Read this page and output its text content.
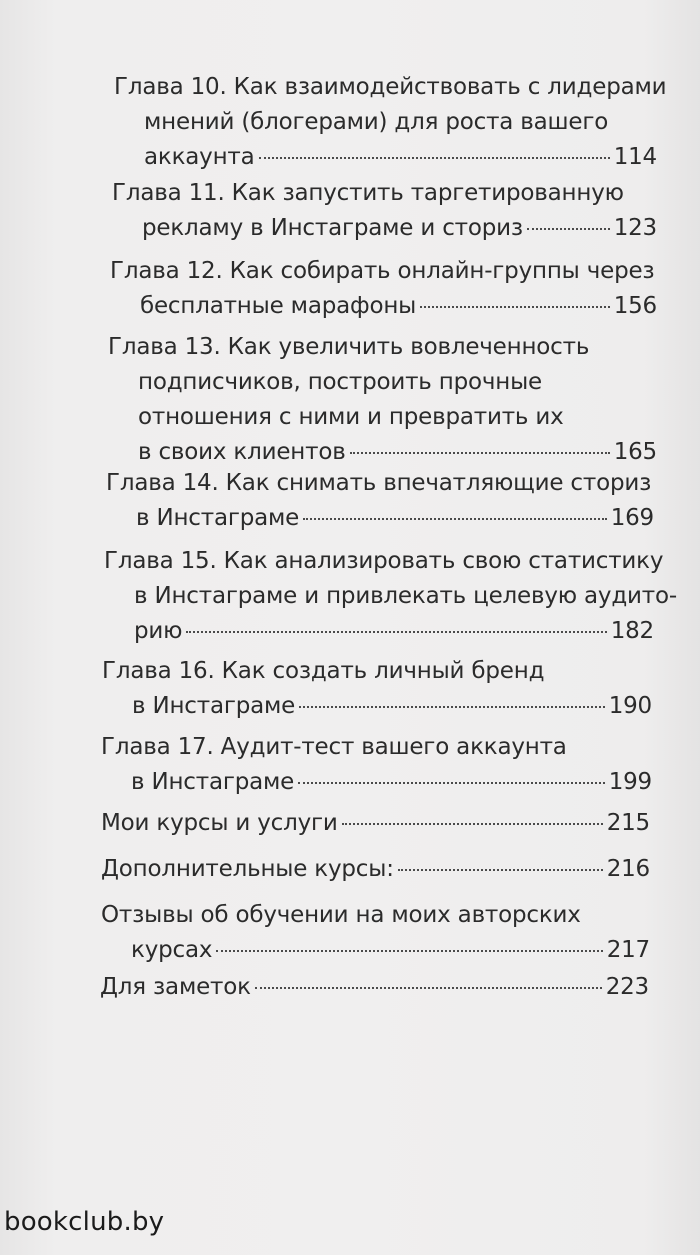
Глава 10. Как взаимодействовать с лидерами
мнений (блогерами) для роста вашего
аккаунта	114
Глава 11. Как запустить таргетированную
рекламу в Инстаграме и сториз	123
Глава 12. Как собирать онлайн-группы через
бесплатные марафоны	156
Глава 13. Как увеличить вовлеченность
подписчиков, построить прочные
отношения с ними и превратить их
в своих клиентов	165
Глава 14. Как снимать впечатляющие сториз
в Инстаграме	169
Глава 15. Как анализировать свою статистику
в Инстаграме и привлекать целевую аудито-
рию	182
Глава 16. Как создать личный бренд
в Инстаграме	190
Глава 17. Аудит-тест вашего аккаунта
в Инстаграме	199
Мои курсы и услуги	215
Дополнительные курсы:	216
Отзывы об обучении на моих авторских
курсах	217
Для заметок	223
bookclub.by
